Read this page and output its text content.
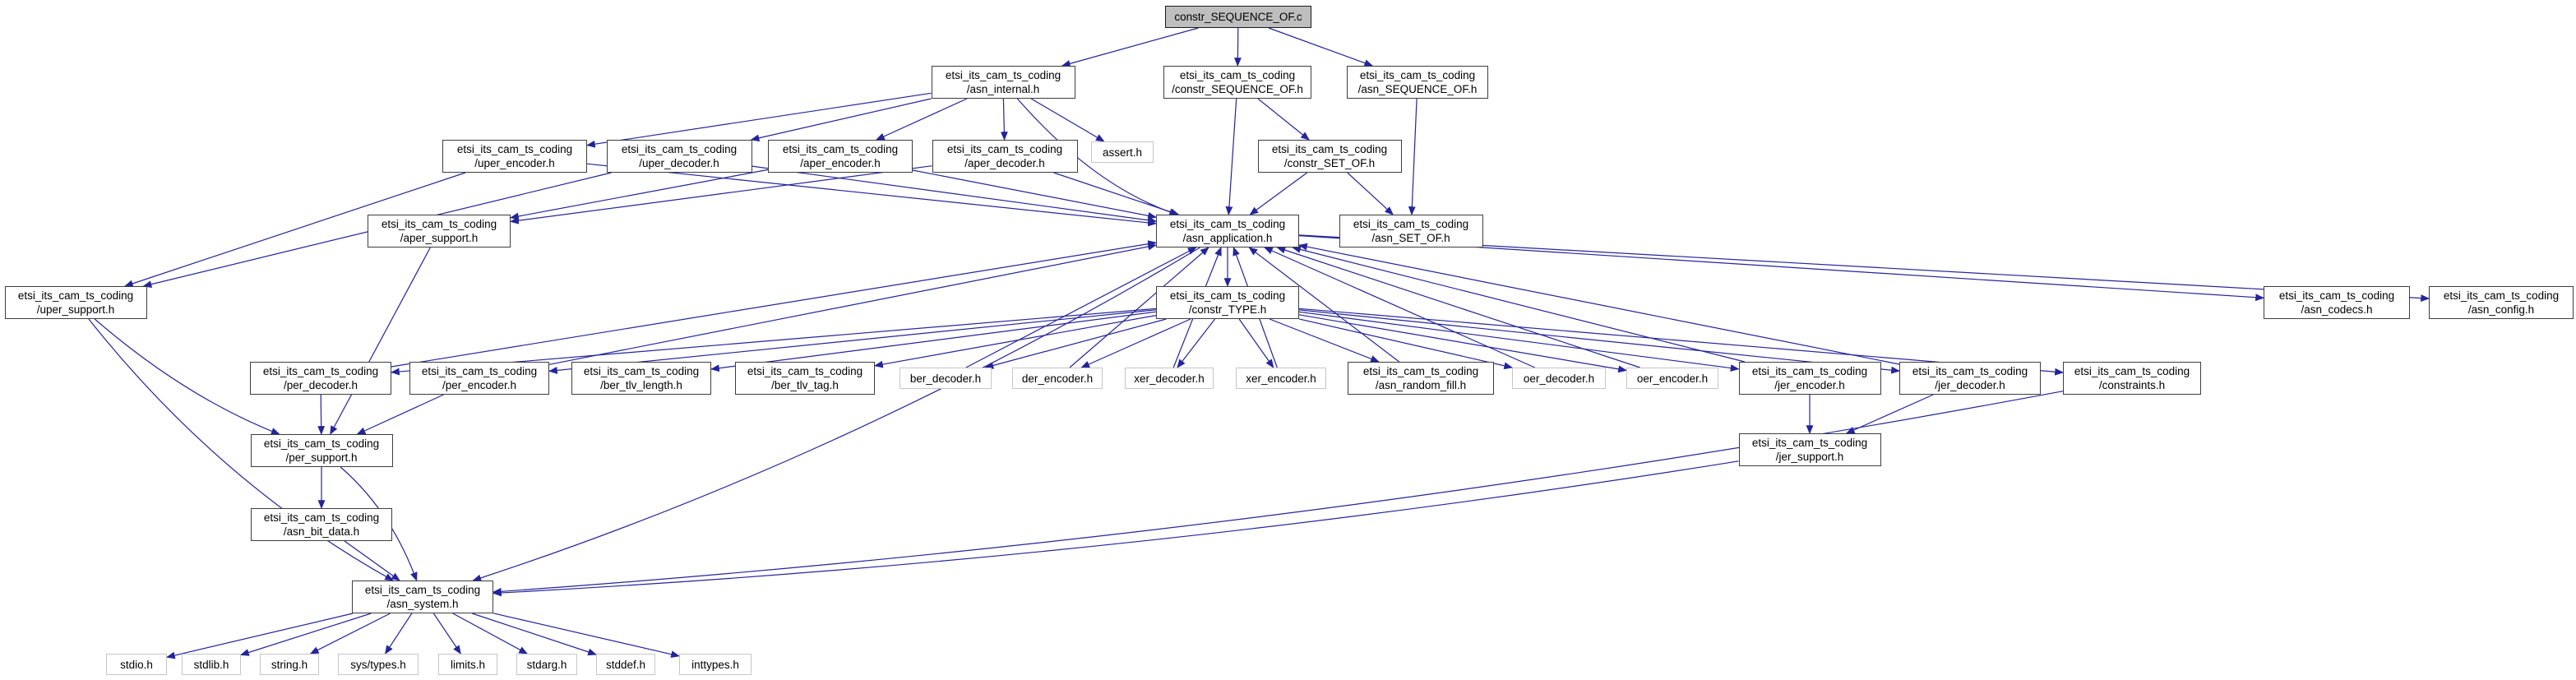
constr_SEQUENCE_OF.c
etsi_its_cam_ts_coding
/asn_internal.h
etsi_its_cam_ts_coding
/constr_SEQUENCE_OF.h
etsi_its_cam_ts_coding
/asn_SEQUENCE_OF.h
etsi_its_cam_ts_coding
/uper_encoder.h
etsi_its_cam_ts_coding
/uper_decoder.h
etsi_its_cam_ts_coding
/aper_encoder.h
etsi_its_cam_ts_coding
/aper_decoder.h
assert.h	etsi_its_cam_ts_coding
/constr_SET_OF.h
etsi_its_cam_ts_coding
/aper_support.h
etsi_its_cam_ts_coding
/asn_application.h
etsi_its_cam_ts_coding
/asn_SET_OF.h
etsi_its_cam_ts_coding
/uper_support.h
etsi_its_cam_ts_coding
/constr_TYPE.h
etsi_its_cam_ts_coding
/asn_codecs.h
etsi_its_cam_ts_coding
/asn_config.h
etsi_its_cam_ts_coding
/per_decoder.h
etsi_its_cam_ts_coding
/per_encoder.h
etsi_its_cam_ts_coding
/ber_tlv_length.h
etsi_its_cam_ts_coding
/ber_tlv_tag.h
ber_decoder.h	der_encoder.h	xer_decoder.h	xer_encoder.h
etsi_its_cam_ts_coding
/asn_random_fill.h
oer_decoder.h	oer_encoder.h
etsi_its_cam_ts_coding
/jer_encoder.h
etsi_its_cam_ts_coding
/jer_decoder.h
etsi_its_cam_ts_coding
/constraints.h
etsi_its_cam_ts_coding
/per_support.h
etsi_its_cam_ts_coding
/jer_support.h
etsi_its_cam_ts_coding
/asn_bit_data.h
etsi_its_cam_ts_coding
/asn_system.h
stdio.h	stdlib.h	string.h	sys/types.h	limits.h	stdarg.h	stddef.h	inttypes.h
